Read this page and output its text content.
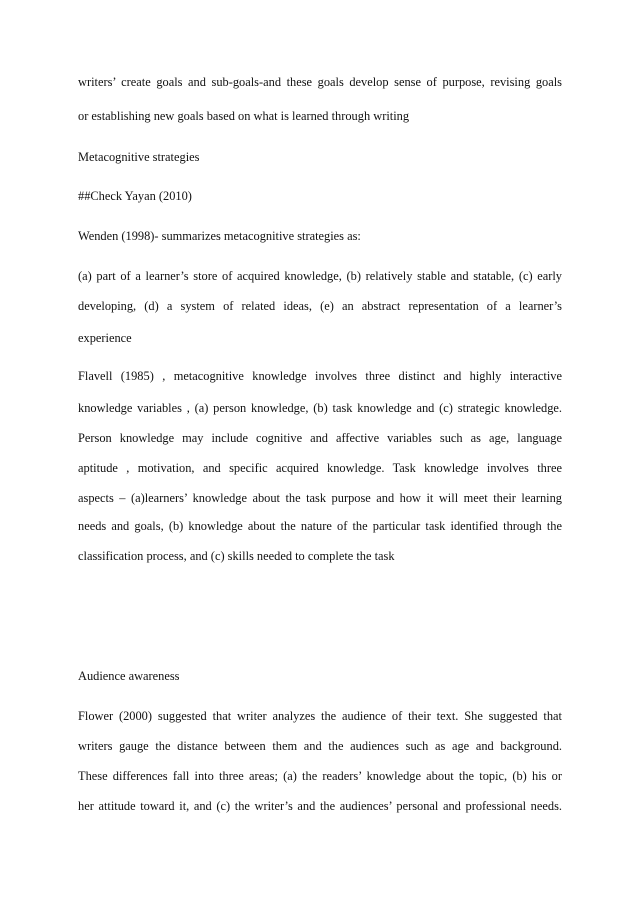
writers’ create goals and sub-goals-and these goals develop sense of purpose, revising goals
or establishing new goals based on what is learned through writing
Metacognitive strategies
##Check Yayan (2010)
Wenden (1998)- summarizes metacognitive strategies as:
(a) part of a learner’s store of acquired knowledge, (b) relatively stable and statable, (c) early
developing, (d) a system of related ideas, (e) an abstract representation of a learner’s
experience
Flavell (1985) , metacognitive knowledge involves three distinct and highly interactive
knowledge variables , (a) person knowledge, (b) task knowledge and (c) strategic knowledge.
Person knowledge may include cognitive and affective variables such as age, language
aptitude , motivation, and specific acquired knowledge. Task knowledge involves three
aspects – (a)learners’ knowledge about the task purpose and how it will meet their learning
needs and goals, (b) knowledge about the nature of the particular task identified through the
classification process, and (c) skills needed to complete the task
Audience awareness
Flower (2000) suggested that writer analyzes the audience of their text. She suggested that
writers gauge the distance between them and the audiences such as age and background.
These differences fall into three areas; (a) the readers’ knowledge about the topic, (b) his or
her attitude toward it, and (c) the writer’s and the audiences’ personal and professional needs.
